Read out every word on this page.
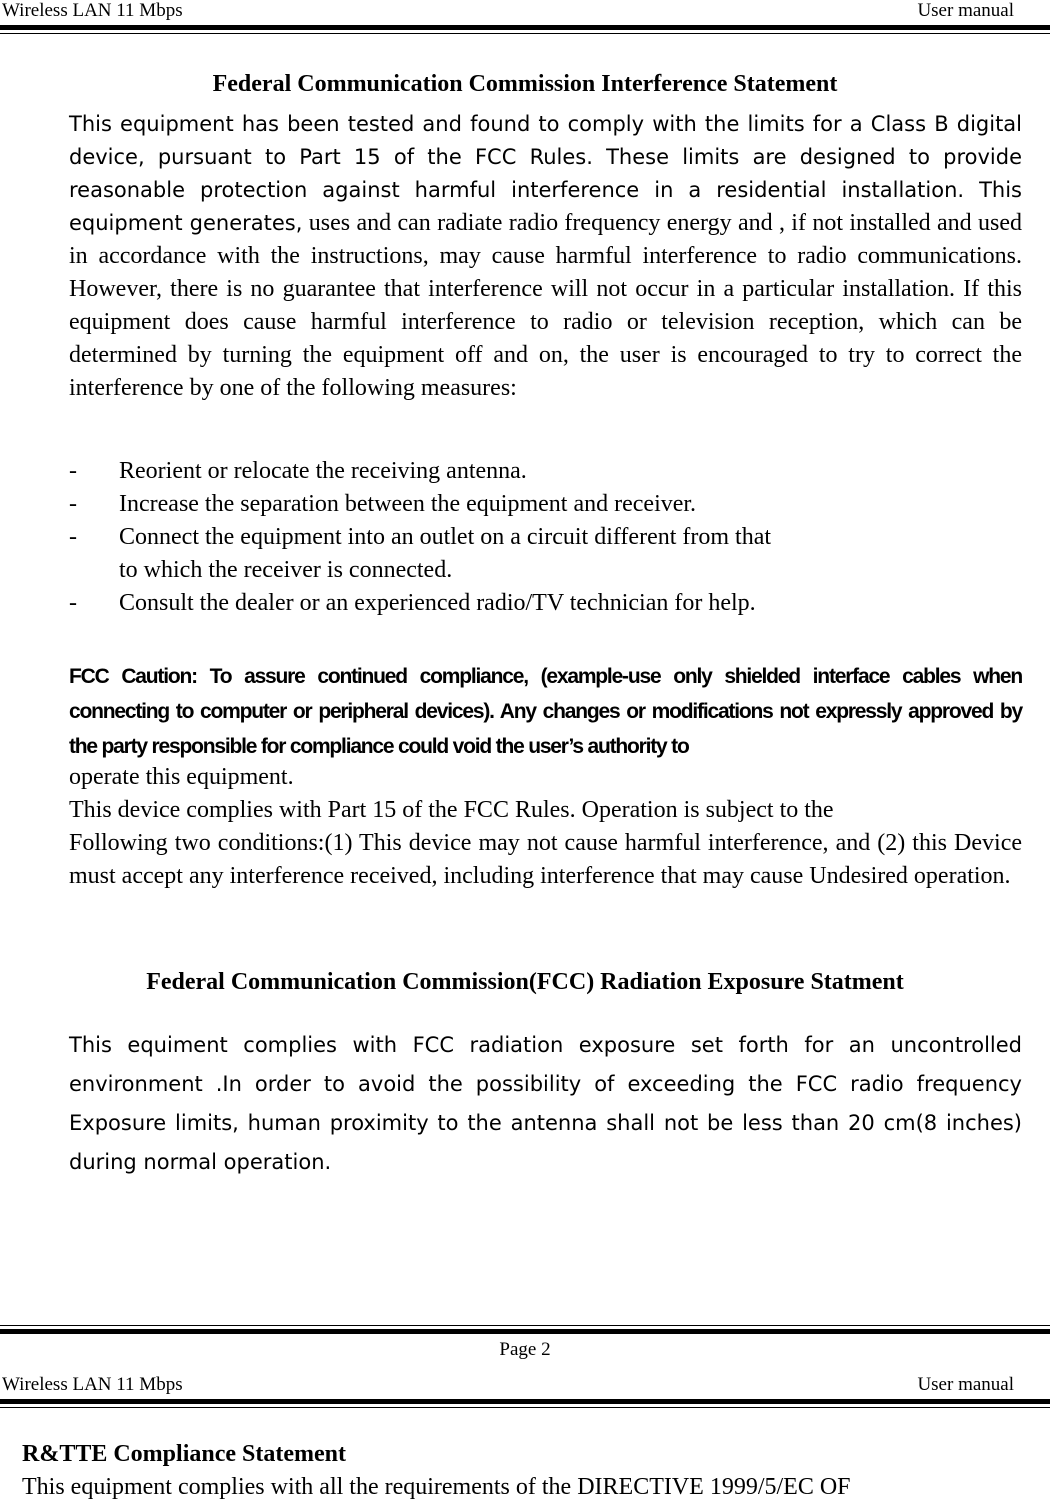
Wireless LAN 11 Mbps	User manual
Federal Communication Commission Interference Statement
This equipment has been tested and found to comply with the limits for a Class B digital device, pursuant to Part 15 of the FCC Rules. These limits are designed to provide reasonable protection against harmful interference in a residential installation. This equipment generates, uses and can radiate radio frequency energy and , if not installed and used in accordance with the instructions, may cause harmful interference to radio communications. However, there is no guarantee that interference will not occur in a particular installation. If this equipment does cause harmful interference to radio or television reception, which can be determined by turning the equipment off and on, the user is encouraged to try to correct the interference by one of the following measures:
- Reorient or relocate the receiving antenna.
- Increase the separation between the equipment and receiver.
- Connect the equipment into an outlet on a circuit different from that
to which the receiver is connected.
- Consult the dealer or an experienced radio/TV technician for help.
FCC Caution: To assure continued compliance, (example-use only shielded interface cables when connecting to computer or peripheral devices). Any changes or modifications not expressly approved by the party responsible for compliance could void the user’s authority to
operate this equipment.
This device complies with Part 15 of the FCC Rules. Operation is subject to the
Following two conditions:(1) This device may not cause harmful interference, and (2) this Device must accept any interference received, including interference that may cause Undesired operation.
Federal Communication Commission(FCC) Radiation Exposure Statment
This equiment complies with FCC radiation exposure set forth for an uncontrolled environment .In order to avoid the possibility of exceeding the FCC radio frequency Exposure limits, human proximity to the antenna shall not be less than 20 cm(8 inches) during normal operation.
Page 2
Wireless LAN 11 Mbps	User manual
R&TTE Compliance Statement
This equipment complies with all the requirements of the DIRECTIVE 1999/5/EC OF
